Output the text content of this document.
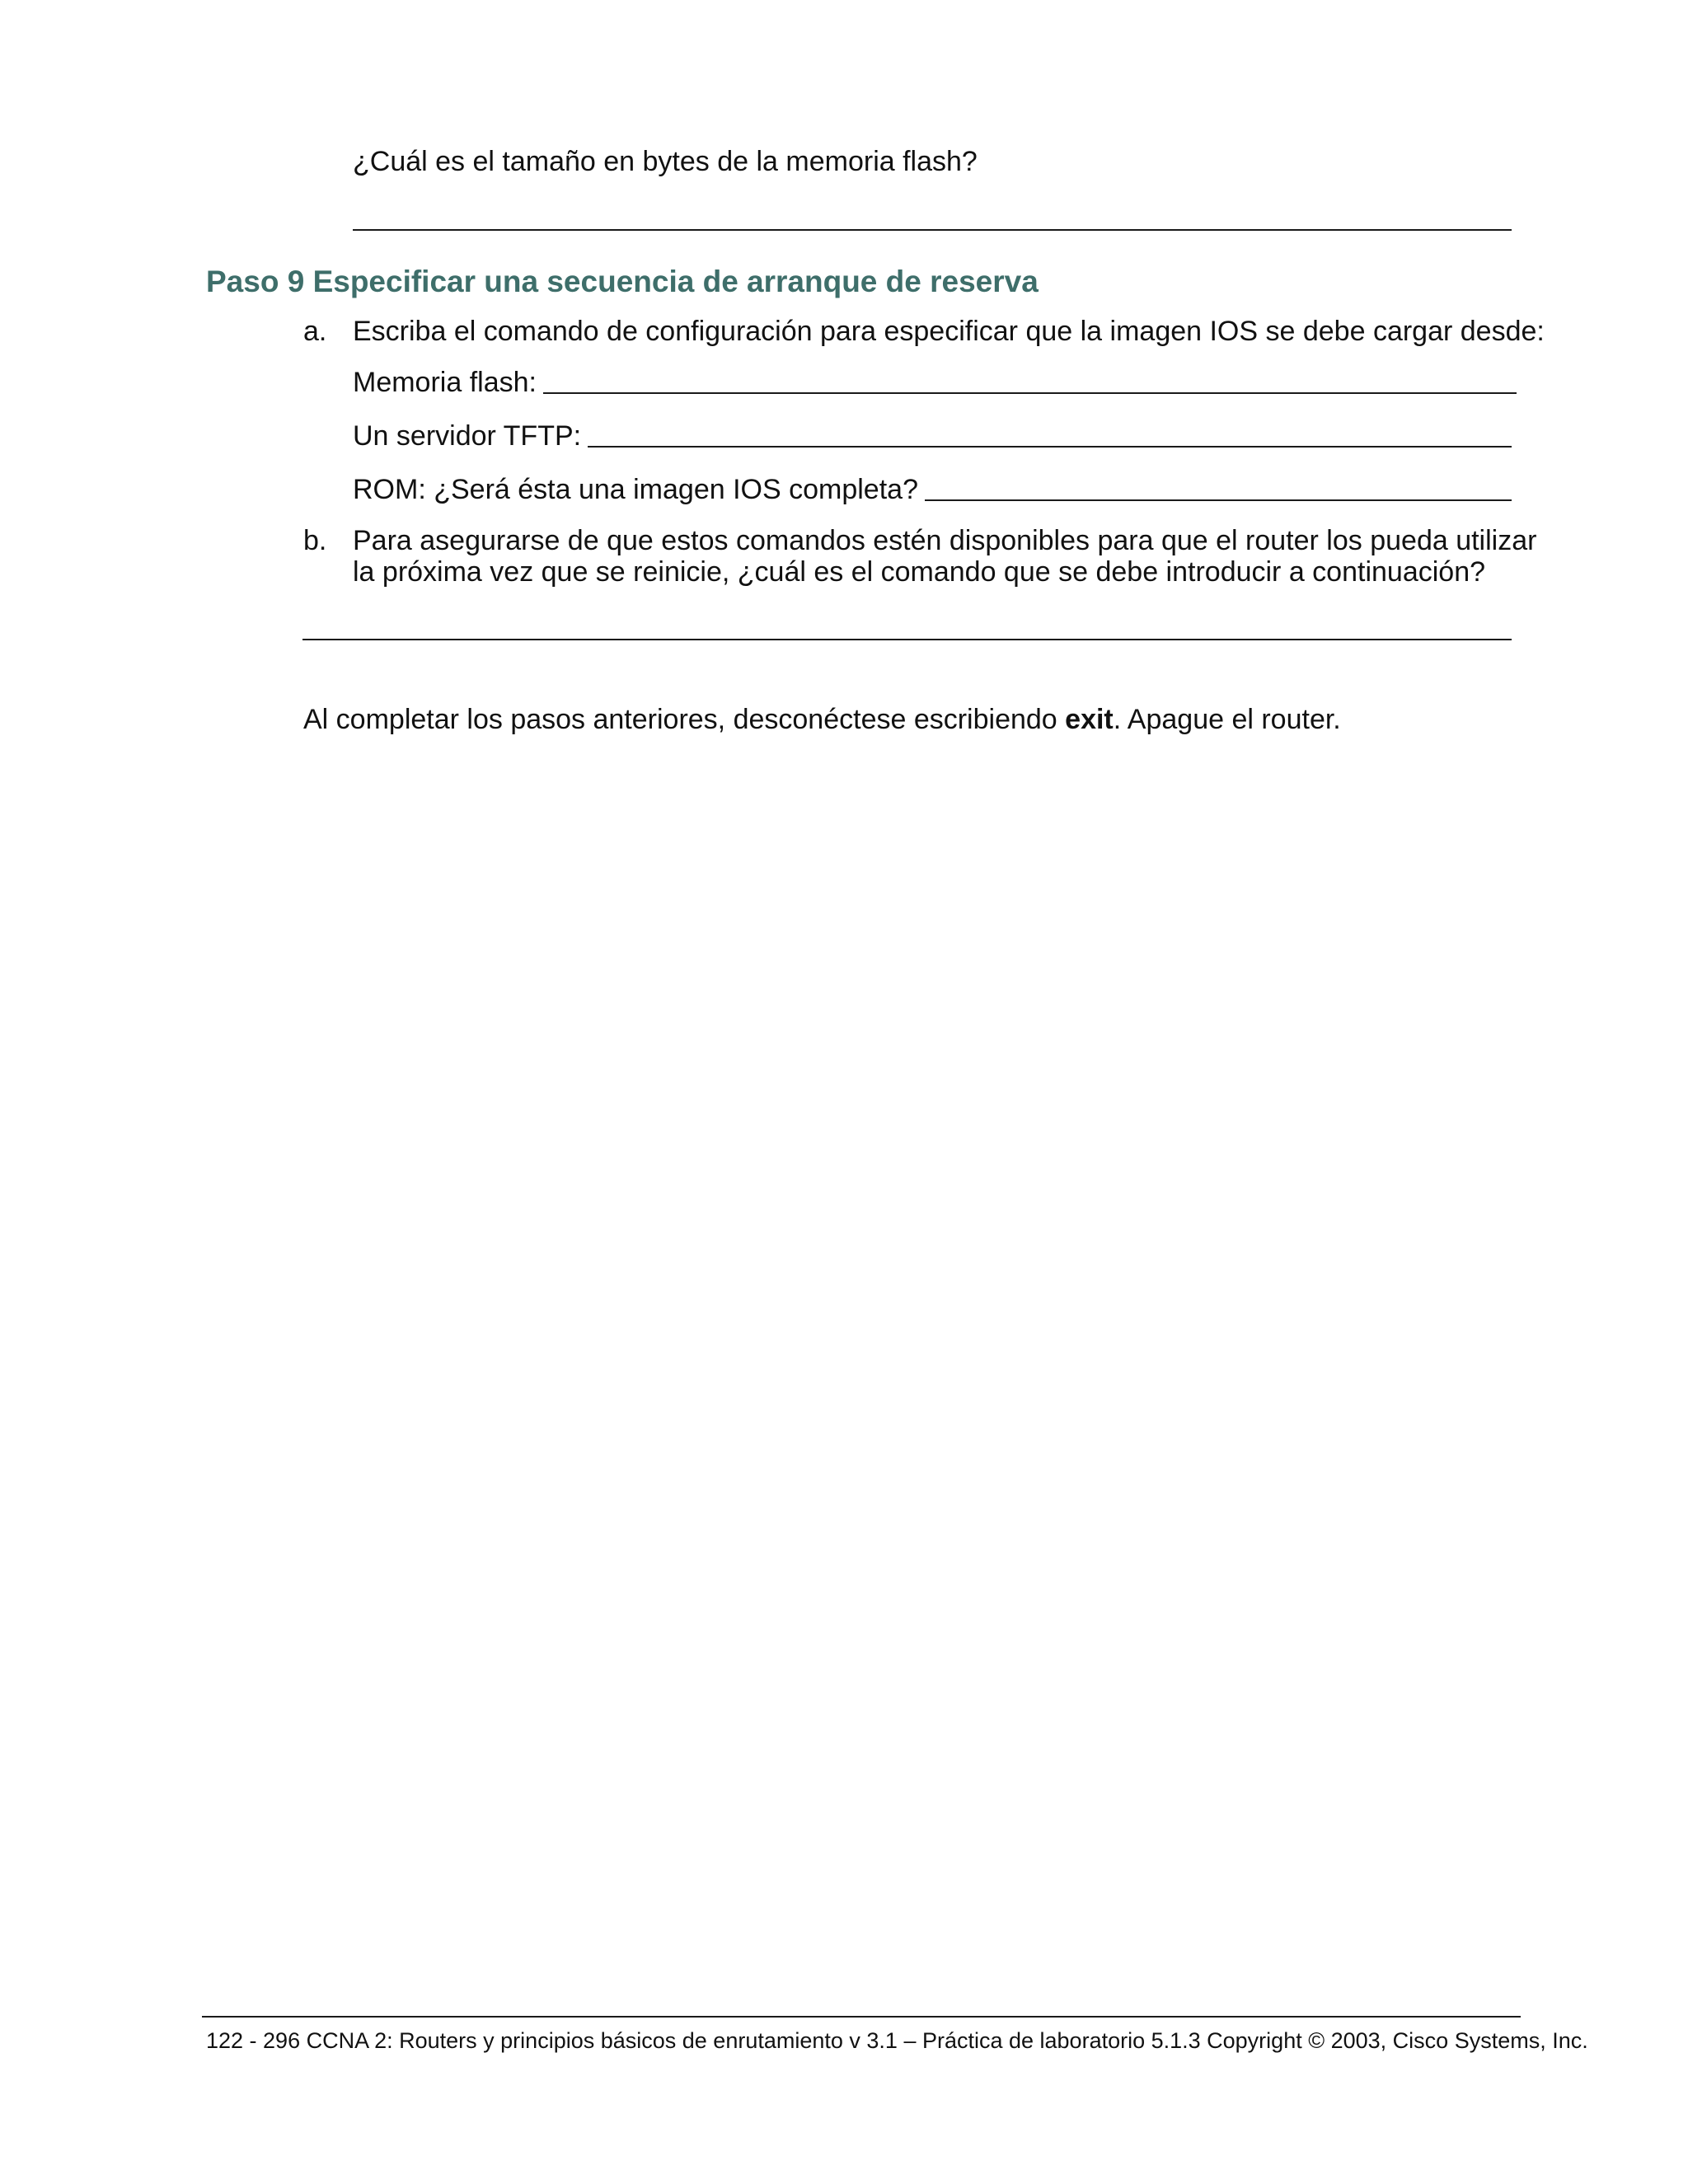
¿Cuál es el tamaño en bytes de la memoria flash?
Paso 9 Especificar una secuencia de arranque de reserva
a. Escriba el comando de configuración para especificar que la imagen IOS se debe cargar desde:
Memoria flash:
Un servidor TFTP:
ROM: ¿Será ésta una imagen IOS completa?
b. Para asegurarse de que estos comandos estén disponibles para que el router los pueda utilizar
la próxima vez que se reinicie, ¿cuál es el comando que se debe introducir a continuación?
Al completar los pasos anteriores, desconéctese escribiendo exit. Apague el router.
122 - 296 CCNA 2: Routers y principios básicos de enrutamiento v 3.1 – Práctica de laboratorio 5.1.3 Copyright © 2003, Cisco Systems, Inc.
